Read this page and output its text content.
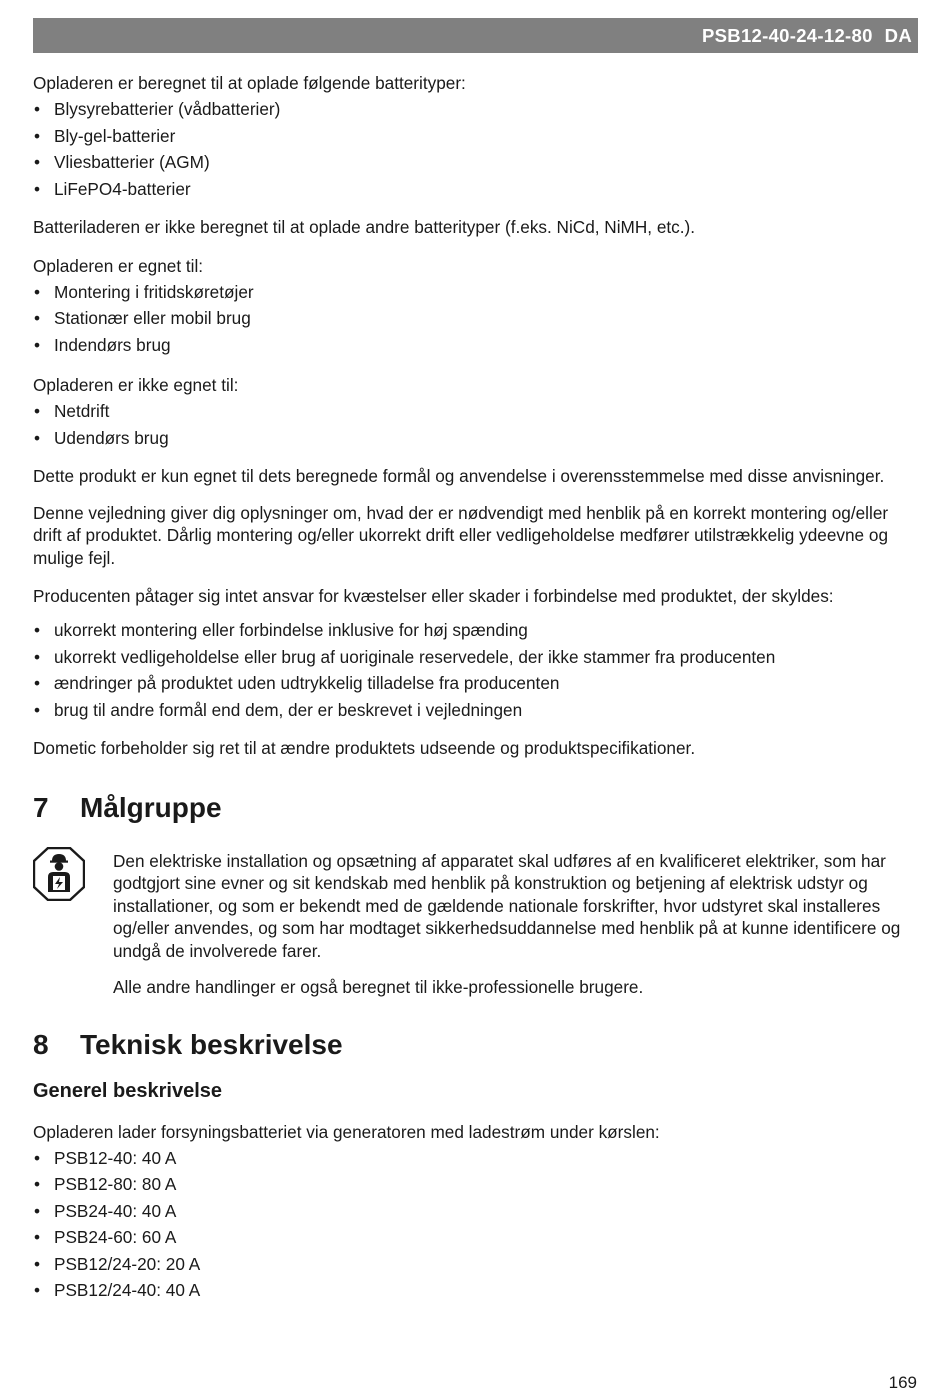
PSB12-40-24-12-80 DA

Opladeren er beregnet til at oplade følgende batterityper:

• Blysyrebatterier (vådbatterier)
• Bly-gel-batterier
• Vliesbatterier (AGM)
• LiFePO4-batterier

Batteriladeren er ikke beregnet til at oplade andre batterityper (f.eks. NiCd, NiMH, etc.).

Opladeren er egnet til:

• Montering i fritidskøretøjer
• Stationær eller mobil brug
• Indendørs brug

Opladeren er ikke egnet til:

• Netdrift
• Udendørs brug

Dette produkt er kun egnet til dets beregnede formål og anvendelse i overensstemmelse med disse anvisninger.

Denne vejledning giver dig oplysninger om, hvad der er nødvendigt med henblik på en korrekt montering og/eller drift af produktet. Dårlig montering og/eller ukorrekt drift eller vedligeholdelse medfører utilstrækkelig ydeevne og mulige fejl.

Producenten påtager sig intet ansvar for kvæstelser eller skader i forbindelse med produktet, der skyldes:

• ukorrekt montering eller forbindelse inklusive for høj spænding
• ukorrekt vedligeholdelse eller brug af uoriginale reservedele, der ikke stammer fra producenten
• ændringer på produktet uden udtrykkelig tilladelse fra producenten
• brug til andre formål end dem, der er beskrevet i vejledningen

Dometic forbeholder sig ret til at ændre produktets udseende og produktspecifikationer.

7 Målgruppe

Den elektriske installation og opsætning af apparatet skal udføres af en kvalificeret elektriker, som har godtgjort sine evner og sit kendskab med henblik på konstruktion og betjening af elektrisk udstyr og installationer, og som er bekendt med de gældende nationale forskrifter, hvor udstyret skal installeres og/eller anvendes, og som har modtaget sikkerhedsuddannelse med henblik på at kunne identificere og undgå de involverede farer.

Alle andre handlinger er også beregnet til ikke-professionelle brugere.

8 Teknisk beskrivelse
Generel beskrivelse

Opladeren lader forsyningsbatteriet via generatoren med ladestrøm under kørslen:

• PSB12-40: 40 A
• PSB12-80: 80 A
• PSB24-40: 40 A
• PSB24-60: 60 A
• PSB12/24-20: 20 A
• PSB12/24-40: 40 A
169
